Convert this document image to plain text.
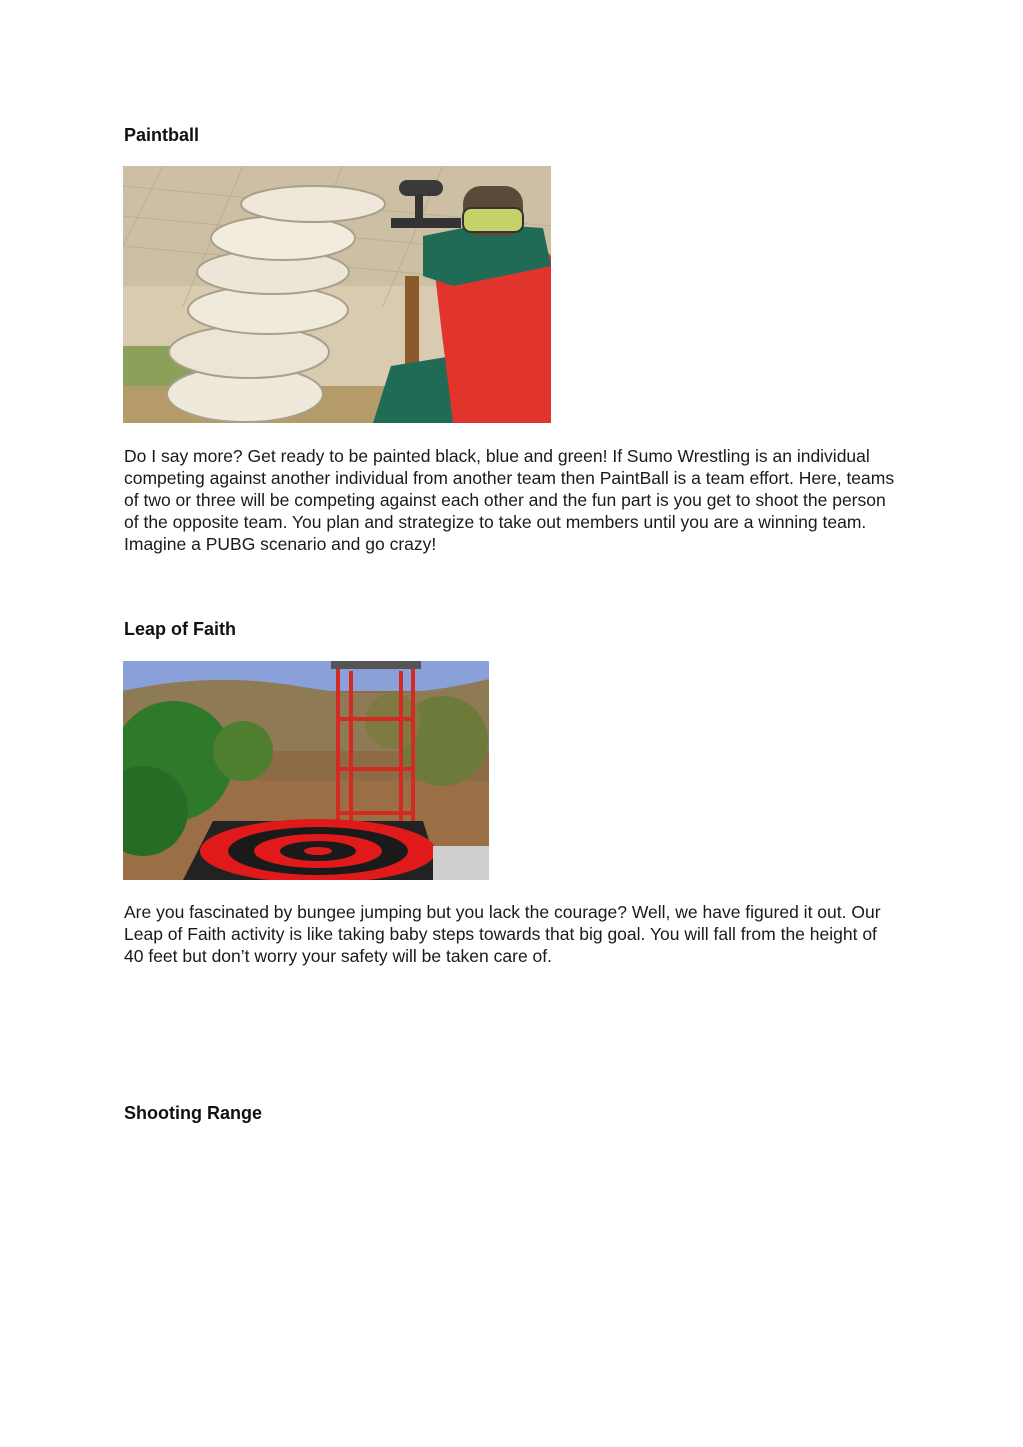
Paintball

Do I say more? Get ready to be painted black, blue and green! If Sumo Wrestling is an individual competing against another individual from another team then PaintBall is a team effort. Here, teams of two or three will be competing against each other and the fun part is you get to shoot the person of the opposite team. You plan and strategize to take out members until you are a winning team. Imagine a PUBG scenario and go crazy!

Leap of Faith

Are you fascinated by bungee jumping but you lack the courage? Well, we have figured it out. Our Leap of Faith activity is like taking baby steps towards that big goal. You will fall from the height of 40 feet but don’t worry your safety will be taken care of.

Shooting Range
